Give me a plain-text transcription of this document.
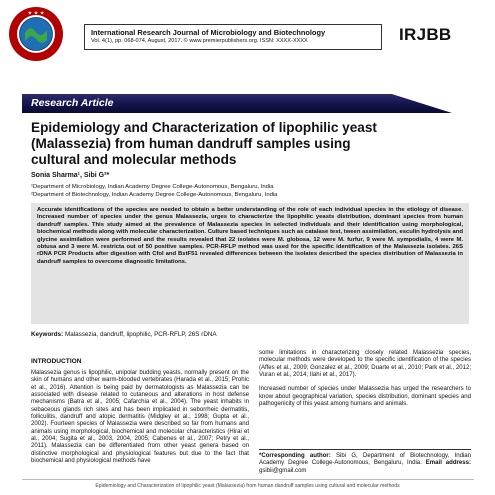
★ ★ ★
International Research Journal of Microbiology and Biotechnology
Vol. 4(1), pp. 068-074, August, 2017. © www.premierpublishers.org. ISSN: XXXX-XXXX	IRJBB
Research Article
Epidemiology and Characterization of lipophilic yeast
(Malassezia) from human dandruff samples using
cultural and molecular methods
Sonia Sharma¹, Sibi G²*
¹Department of Microbiology, Indian Academy Degree College-Autonomous, Bengaluru, India
²Department of Biotechnology, Indian Academy Degree College-Autonomous, Bengaluru, India
Accurate identifications of the species are needed to obtain a better understanding of the role of each individual species in the etiology of disease. Increased number of species under the genus Malassezia, urges to characterize the lipophilic yeasts distribution, dominant species from human dandruff samples. This study aimed at the prevalence of Malassezia species in selected individuals and their identification using morphological, biochemical methods along with molecular characterization. Culture based techniques such as catalase test, tween assimilation, esculin hydrolysis and glycine assimilation were performed and the results revealed that 22 isolates were M. globosa, 12 were M. furfur, 9 were M. sympodialis, 4 were M. obtusa and 3 were M. restricta out of 50 positive samples. PCR-RFLP method was used for the specific identification of the Malassezia isolates. 26S rDNA PCR Products after digestion with CfoI and BstF51 revealed differences between the isolates described the species distribution of Malassezia in dandruff samples to overcome diagnostic limitations.
Keywords: Malassezia, dandruff, lipophilic, PCR-RFLP, 26S rDNA
INTRODUCTION

Malassezia genus is lipophilic, unipolar budding yeasts, normally present on the skin of humans and other warm-blooded vertebrates (Harada et al., 2015; Prohic et al., 2016). Attention is being paid by dermatologists as Malassezia can be associated with disease related to cutaneous and alterations in host defense mechanisms (Batra et al., 2005; Cafarchia et al., 2004). The yeast inhabits in sebaceous glands rich sites and has been implicated in seborrheic dermatitis, folliculitis, dandruff and atopic dermatitis (Midgley et al., 1998; Gupta et al., 2002). Fourteen species of Malassezia were described so far from humans and animals using morphological, biochemical and molecular characteristics (Hirai et al., 2004; Sugita et al., 2003, 2004, 2005; Cabenes et al., 2007; Petry et al., 2011). Malassezia can be differentiated from other yeast genera based on distinctive morphological and physiological features but due to the fact that biochemical and physiological methods have

some limitations in characterizing closely related Malassezia species, molecular methods were developed to the specific identification of the species (Affes et al., 2009; Gonzalez et al., 2009; Duarte et al., 2010; Park et al., 2012; Vuran et al., 2014; Ilahi et al., 2017).

Increased number of species under Malassezia has urged the researchers to know about geographical variation, species distribution, dominant species and pathogenicity of this yeast among humans and animals.

*Corresponding author: Sibi G, Department of Biotechnology, Indian Academy Degree College-Autonomous, Bengaluru, India. Email address: gsibii@gmail.com
Epidemiology and Characterization of lipophilic yeast (Malassezia) from human dandruff samples using cultural and molecular methods
